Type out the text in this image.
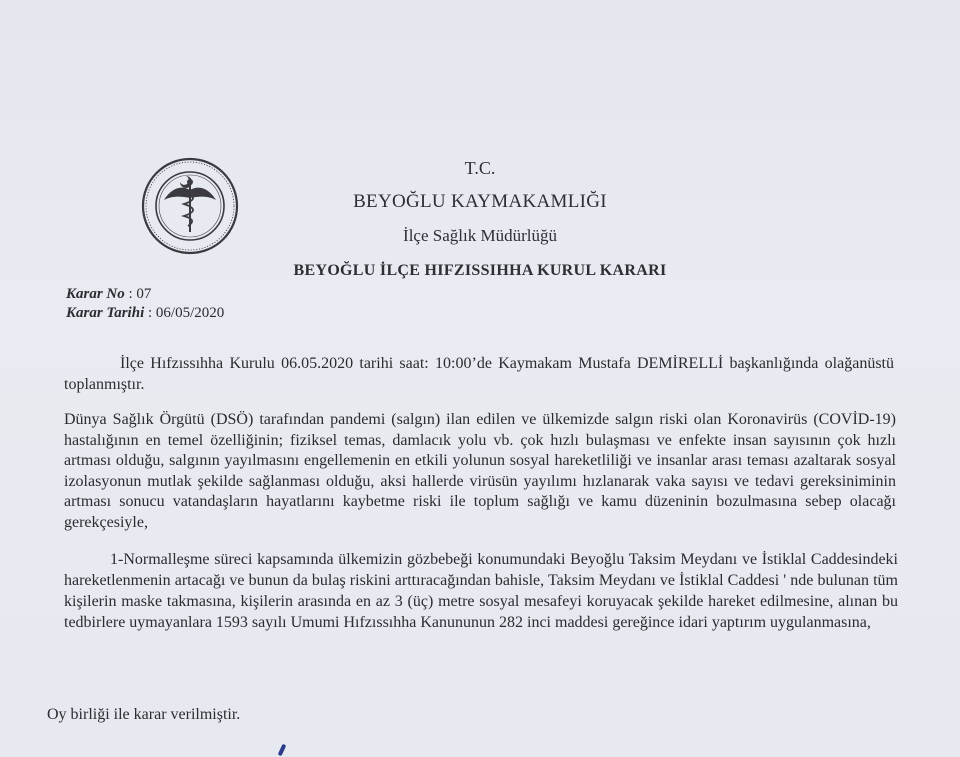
T.C.
BEYOĞLU KAYMAKAMLIĞI
İlçe Sağlık Müdürlüğü
BEYOĞLU İLÇE HIFZISSIHHA KURUL KARARI
Karar No : 07
Karar Tarihi : 06/05/2020
İlçe Hıfzıssıhha Kurulu 06.05.2020 tarihi saat: 10:00’de Kaymakam Mustafa DEMİRELLİ başkanlığında olağanüstü toplanmıştır.
Dünya Sağlık Örgütü (DSÖ) tarafından pandemi (salgın) ilan edilen ve ülkemizde salgın riski olan Koronavirüs (COVİD-19) hastalığının en temel özelliğinin; fiziksel temas, damlacık yolu vb. çok hızlı bulaşması ve enfekte insan sayısının çok hızlı artması olduğu, salgının yayılmasını engellemenin en etkili yolunun sosyal hareketliliği ve insanlar arası teması azaltarak sosyal izolasyonun mutlak şekilde sağlanması olduğu, aksi hallerde virüsün yayılımı hızlanarak vaka sayısı ve tedavi gereksiniminin artması sonucu vatandaşların hayatlarını kaybetme riski ile toplum sağlığı ve kamu düzeninin bozulmasına sebep olacağı gerekçesiyle,
1-Normalleşme süreci kapsamında ülkemizin gözbebeği konumundaki Beyoğlu Taksim Meydanı ve İstiklal Caddesindeki hareketlenmenin artacağı ve bunun da bulaş riskini arttıracağından bahisle, Taksim Meydanı ve İstiklal Caddesi ' nde bulunan tüm kişilerin maske takmasına, kişilerin arasında en az 3 (üç) metre sosyal mesafeyi koruyacak şekilde hareket edilmesine, alınan bu tedbirlere uymayanlara 1593 sayılı Umumi Hıfzıssıhha Kanununun 282 inci maddesi gereğince idari yaptırım uygulanmasına,
Oy birliği ile karar verilmiştir.
